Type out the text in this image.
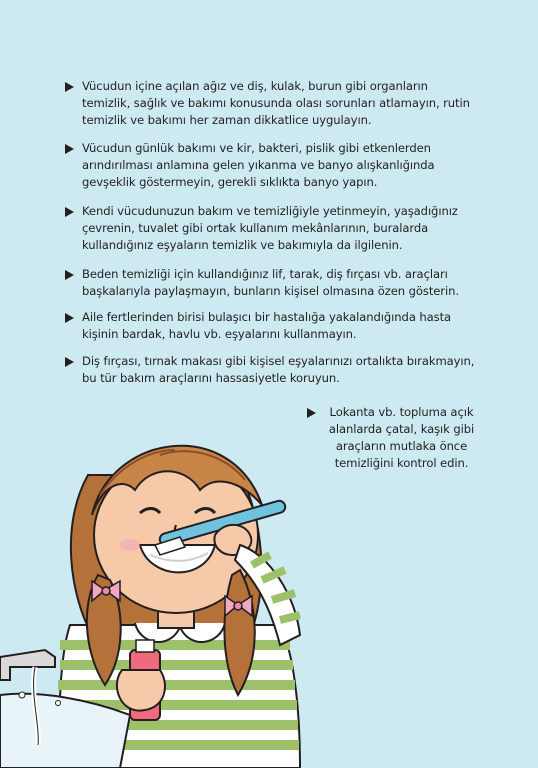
Vücudun içine açılan ağız ve diş, kulak, burun gibi organların temizlik, sağlık ve bakımı konusunda olası sorunları atlamayın, rutin temizlik ve bakımı her zaman dikkatlice uygulayın.
Vücudun günlük bakımı ve kir, bakteri, pislik gibi etkenlerden arındırılması anlamına gelen yıkanma ve banyo alışkanlığında gevşeklik göstermeyin, gerekli sıklıkta banyo yapın.
Kendi vücudunuzun bakım ve temizliğiyle yetinmeyin, yaşadığınız çevrenin, tuvalet gibi ortak kullanım mekânlarının, buralarda kullandığınız eşyaların temizlik ve bakımıyla da ilgilenin.
Beden temizliği için kullandığınız lif, tarak, diş fırçası vb. araçları başkalarıyla paylaşmayın, bunların kişisel olmasına özen gösterin.
Aile fertlerinden birisi bulaşıcı bir hastalığa yakalandığında hasta kişinin bardak, havlu vb. eşyalarını kullanmayın.
Diş fırçası, tırnak makası gibi kişisel eşyalarınızı ortalıkta bırakmayın, bu tür bakım araçlarını hassasiyetle koruyun.
Lokanta vb. topluma açık alanlarda çatal, kaşık gibi araçların mutlaka önce temizliğini kontrol edin.
